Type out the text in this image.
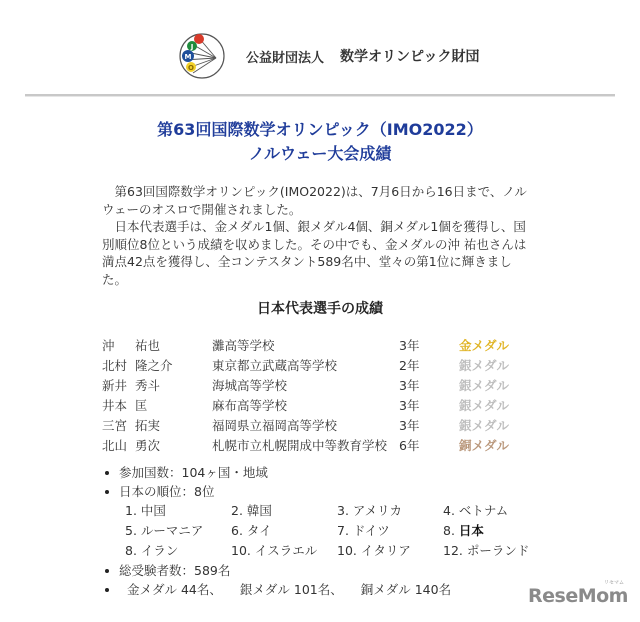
J
M
O
公益財団法人 数学オリンピック財団
第63回国際数学オリンピック（IMO2022）
ノルウェー大会成績

第63回国際数学オリンピック(IMO2022)は、7月6日から16日まで、ノルウェーのオスロで開催されました。

日本代表選手は、金メダル1個、銀メダル4個、銅メダル1個を獲得し、国別順位8位という成績を収めました。その中でも、金メダルの沖 祐也さんは満点42点を獲得し、全コンテスタント589名中、堂々の第1位に輝きました。

日本代表選手の成績
沖	祐也	灘高等学校	3年	金メダル
北村 隆之介	東京都立武蔵高等学校	2年	銀メダル
新井 秀斗	海城高等学校	3年	銀メダル
井本 匡	麻布高等学校	3年	銀メダル
三宮 拓実	福岡県立福岡高等学校	3年	銀メダル
北山 勇次	札幌市立札幌開成中等教育学校 6年	銅メダル
参加国数：104ヶ国・地域
日本の順位：8位
1. 中国	2. 韓国	3. アメリカ	4. ベトナム
5. ルーマニア	6. タイ	7. ドイツ	8. 日本
8. イラン	10. イスラエル	10. イタリア	12. ポーランド
総受験者数：589名
金メダル 44名、 銀メダル 101名、 銅メダル 140名	ReseMom
リセマム
